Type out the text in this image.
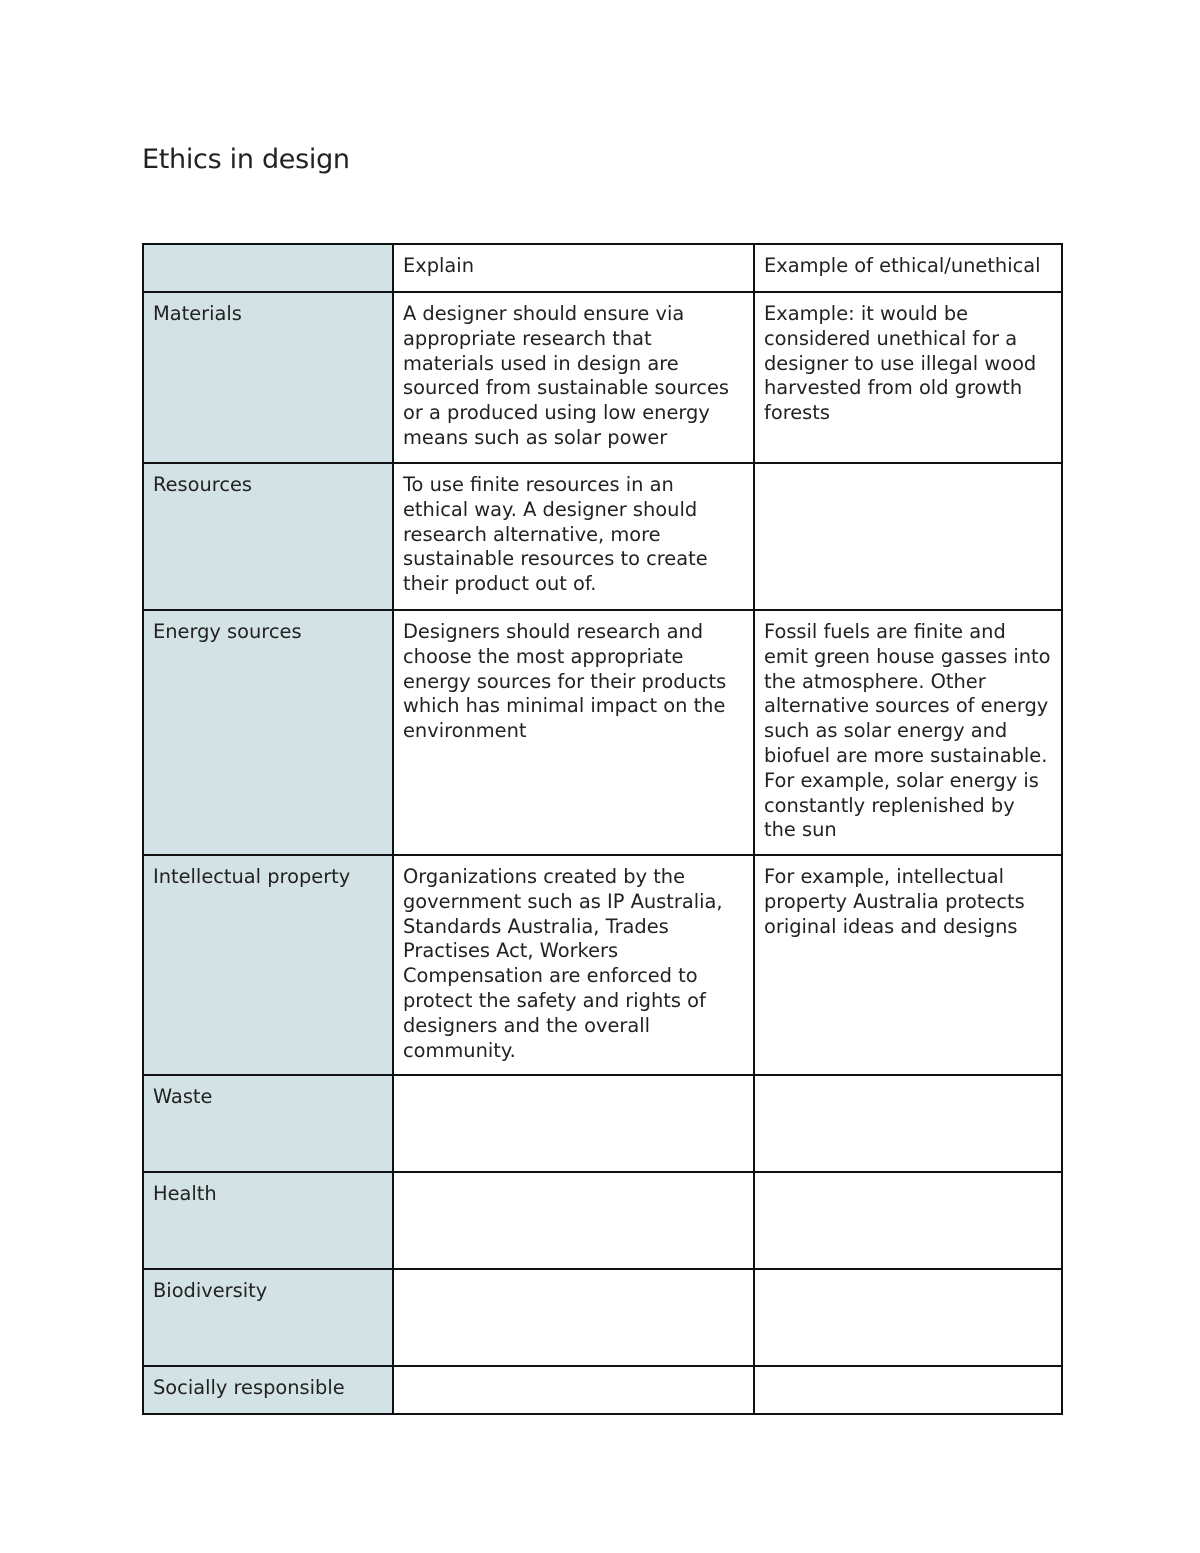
Ethics in design
	Explain	Example of ethical/unethical
Materials	A designer should ensure via appropriate research that materials used in design are sourced from sustainable sources or a produced using low energy means such as solar power	Example: it would be considered unethical for a designer to use illegal wood harvested from old growth forests
Resources	To use finite resources in an ethical way. A designer should research alternative, more sustainable resources to create their product out of.	
Energy sources	Designers should research and choose the most appropriate energy sources for their products which has minimal impact on the environment	Fossil fuels are finite and emit green house gasses into the atmosphere. Other alternative sources of energy such as solar energy and biofuel are more sustainable. For example, solar energy is constantly replenished by the sun
Intellectual property	Organizations created by the government such as IP Australia, Standards Australia, Trades Practises Act, Workers Compensation are enforced to protect the safety and rights of designers and the overall community.	For example, intellectual property Australia protects original ideas and designs
Waste		
Health		
Biodiversity		
Socially responsible		
